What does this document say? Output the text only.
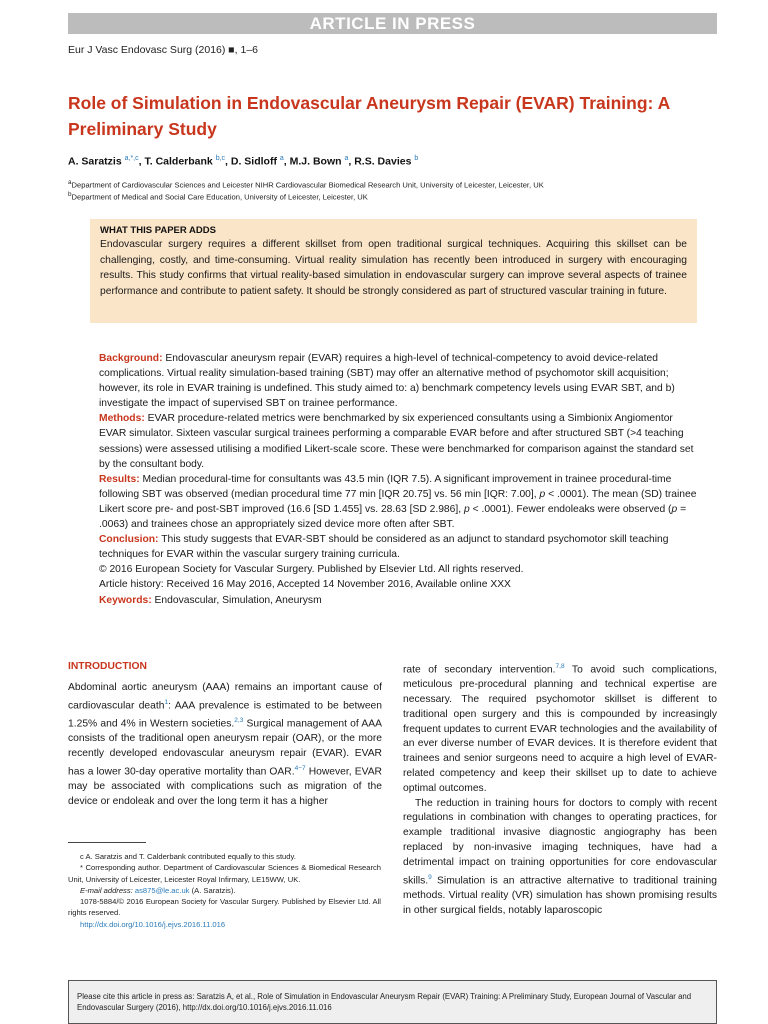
ARTICLE IN PRESS
Eur J Vasc Endovasc Surg (2016) ■, 1–6
Role of Simulation in Endovascular Aneurysm Repair (EVAR) Training: A Preliminary Study
A. Saratzis $^{a,*,c}$, T. Calderbank $^{b,c}$, D. Sidloff $^a$, M.J. Bown $^a$, R.S. Davies $^b$
$^a$Department of Cardiovascular Sciences and Leicester NIHR Cardiovascular Biomedical Research Unit, University of Leicester, Leicester, UK
$^b$Department of Medical and Social Care Education, University of Leicester, Leicester, UK
WHAT THIS PAPER ADDS

Endovascular surgery requires a different skillset from open traditional surgical techniques. Acquiring this skillset can be challenging, costly, and time-consuming. Virtual reality simulation has recently been introduced in surgery with encouraging results. This study confirms that virtual reality-based simulation in endovascular surgery can improve several aspects of trainee performance and contribute to patient safety. It should be strongly considered as part of structured vascular training in future.

Background: Endovascular aneurysm repair (EVAR) requires a high-level of technical-competency to avoid device-related complications. Virtual reality simulation-based training (SBT) may offer an alternative method of psychomotor skill acquisition; however, its role in EVAR training is undefined. This study aimed to: a) benchmark competency levels using EVAR SBT, and b) investigate the impact of supervised SBT on trainee performance.

Methods: EVAR procedure-related metrics were benchmarked by six experienced consultants using a Simbionix Angiomentor EVAR simulator. Sixteen vascular surgical trainees performing a comparable EVAR before and after structured SBT (>4 teaching sessions) were assessed utilising a modified Likert-scale score. These were benchmarked for comparison against the standard set by the consultant body.

Results: Median procedural-time for consultants was 43.5 min (IQR 7.5). A significant improvement in trainee procedural-time following SBT was observed (median procedural time 77 min [IQR 20.75] vs. 56 min [IQR: 7.00], p < .0001). The mean (SD) trainee Likert score pre- and post-SBT improved (16.6 [SD 1.455] vs. 28.63 [SD 2.986], p < .0001). Fewer endoleaks were observed (p = .0063) and trainees chose an appropriately sized device more often after SBT.

Conclusion: This study suggests that EVAR-SBT should be considered as an adjunct to standard psychomotor skill teaching techniques for EVAR within the vascular surgery training curricula.

© 2016 European Society for Vascular Surgery. Published by Elsevier Ltd. All rights reserved.

Article history: Received 16 May 2016, Accepted 14 November 2016, Available online XXX

Keywords: Endovascular, Simulation, Aneurysm

INTRODUCTION

Abdominal aortic aneurysm (AAA) remains an important cause of cardiovascular death$^1$: AAA prevalence is estimated to be between 1.25% and 4% in Western societies.$^{2,3}$ Surgical management of AAA consists of the traditional open aneurysm repair (OAR), or the more recently developed endovascular aneurysm repair (EVAR). EVAR has a lower 30-day operative mortality than OAR.$^{4-7}$ However, EVAR may be associated with complications such as migration of the device or endoleak and over the long term it has a higher

rate of secondary intervention.$^{7,8}$ To avoid such complications, meticulous pre-procedural planning and technical expertise are necessary. The required psychomotor skillset is different to traditional open surgery and this is compounded by increasingly frequent updates to current EVAR technologies and the availability of an ever diverse number of EVAR devices. It is therefore evident that trainees and senior surgeons need to acquire a high level of EVAR-related competency and keep their skillset up to date to achieve optimal outcomes.

The reduction in training hours for doctors to comply with recent regulations in combination with changes to operating practices, for example traditional invasive diagnostic angiography has been replaced by non-invasive imaging techniques, have had a detrimental impact on training opportunities for core endovascular skills.$^9$ Simulation is an attractive alternative to traditional training methods. Virtual reality (VR) simulation has shown promising results in other surgical fields, notably laparoscopic

c A. Saratzis and T. Calderbank contributed equally to this study.

* Corresponding author. Department of Cardiovascular Sciences & Biomedical Research Unit, University of Leicester, Leicester Royal Infirmary, LE15WW, UK.

E-mail address: as875@le.ac.uk (A. Saratzis).

1078-5884/© 2016 European Society for Vascular Surgery. Published by Elsevier Ltd. All rights reserved.

http://dx.doi.org/10.1016/j.ejvs.2016.11.016

Please cite this article in press as: Saratzis A, et al., Role of Simulation in Endovascular Aneurysm Repair (EVAR) Training: A Preliminary Study, European Journal of Vascular and Endovascular Surgery (2016), http://dx.doi.org/10.1016/j.ejvs.2016.11.016
